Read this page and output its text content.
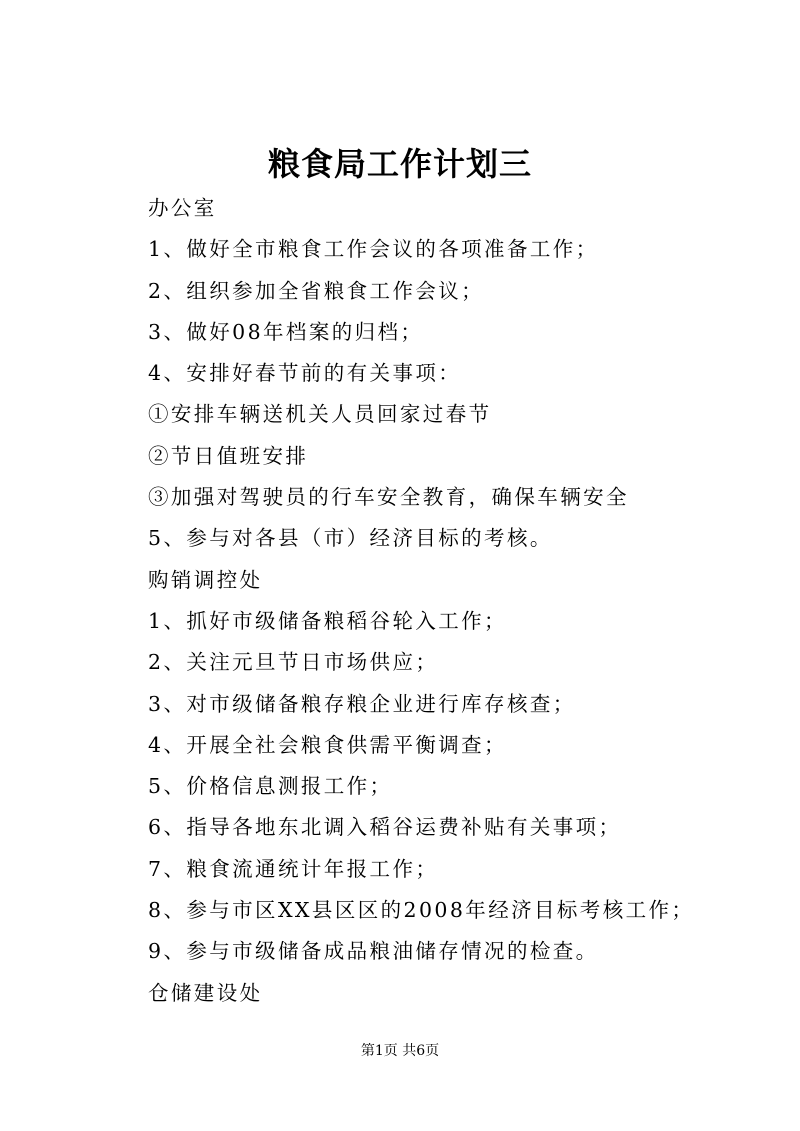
粮食局工作计划三
办公室
1、做好全市粮食工作会议的各项准备工作；
2、组织参加全省粮食工作会议；
3、做好08年档案的归档；
4、安排好春节前的有关事项：
①安排车辆送机关人员回家过春节
②节日值班安排
③加强对驾驶员的行车安全教育，确保车辆安全
5、参与对各县（市）经济目标的考核。
购销调控处
1、抓好市级储备粮稻谷轮入工作；
2、关注元旦节日市场供应；
3、对市级储备粮存粮企业进行库存核查；
4、开展全社会粮食供需平衡调查；
5、价格信息测报工作；
6、指导各地东北调入稻谷运费补贴有关事项；
7、粮食流通统计年报工作；
8、参与市区XX县区区的2008年经济目标考核工作；
9、参与市级储备成品粮油储存情况的检查。
仓储建设处
第1页 共6页
